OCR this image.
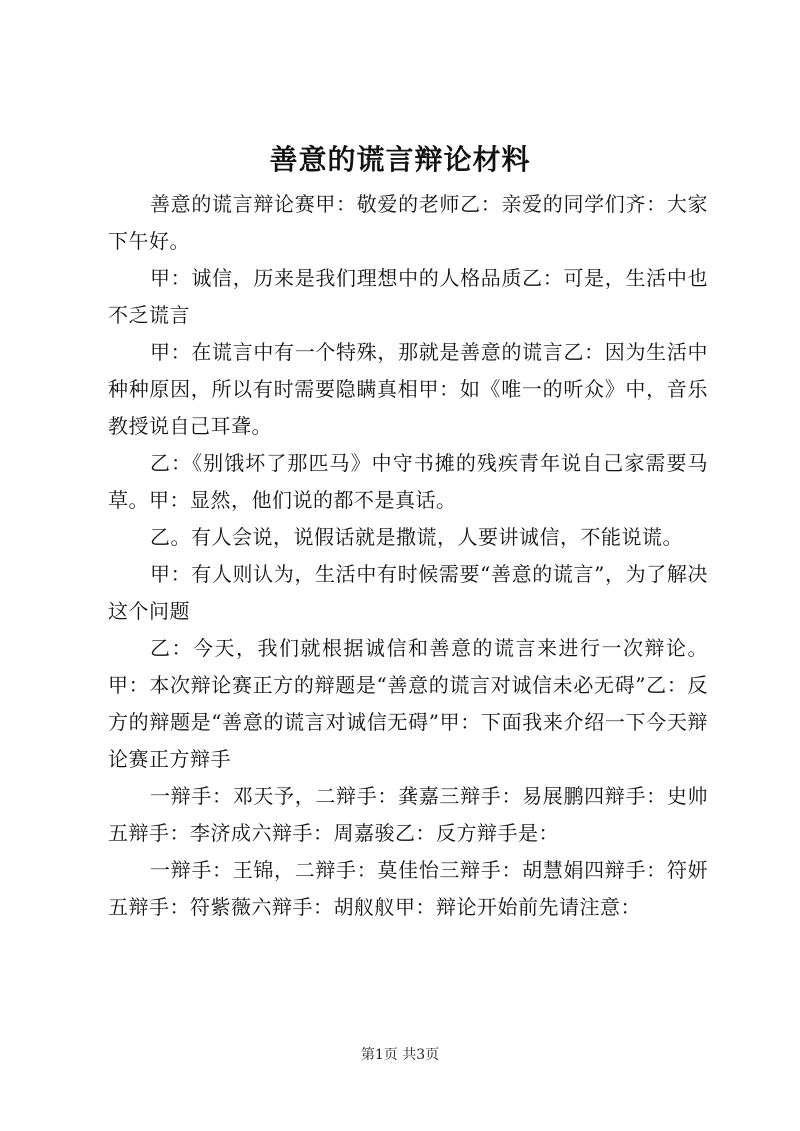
善意的谎言辩论材料

善意的谎言辩论赛甲：敬爱的老师乙：亲爱的同学们齐：大家下午好。

甲：诚信，历来是我们理想中的人格品质乙：可是，生活中也不乏谎言

甲：在谎言中有一个特殊，那就是善意的谎言乙：因为生活中种种原因，所以有时需要隐瞒真相甲：如《唯一的听众》中，音乐教授说自己耳聋。

乙：《别饿坏了那匹马》中守书摊的残疾青年说自己家需要马草。甲：显然，他们说的都不是真话。

乙。有人会说，说假话就是撒谎，人要讲诚信，不能说谎。

甲：有人则认为，生活中有时候需要“善意的谎言”，为了解决这个问题

乙：今天，我们就根据诚信和善意的谎言来进行一次辩论。甲：本次辩论赛正方的辩题是“善意的谎言对诚信未必无碍”乙：反方的辩题是“善意的谎言对诚信无碍”甲：下面我来介绍一下今天辩论赛正方辩手

一辩手：邓天予，二辩手：龚嘉三辩手：易展鹏四辩手：史帅五辩手：李济成六辩手：周嘉骏乙：反方辩手是：

一辩手：王锦，二辩手：莫佳怡三辩手：胡慧娟四辩手：符妍五辩手：符紫薇六辩手：胡舣舣甲：辩论开始前先请注意：

第1页 共3页
